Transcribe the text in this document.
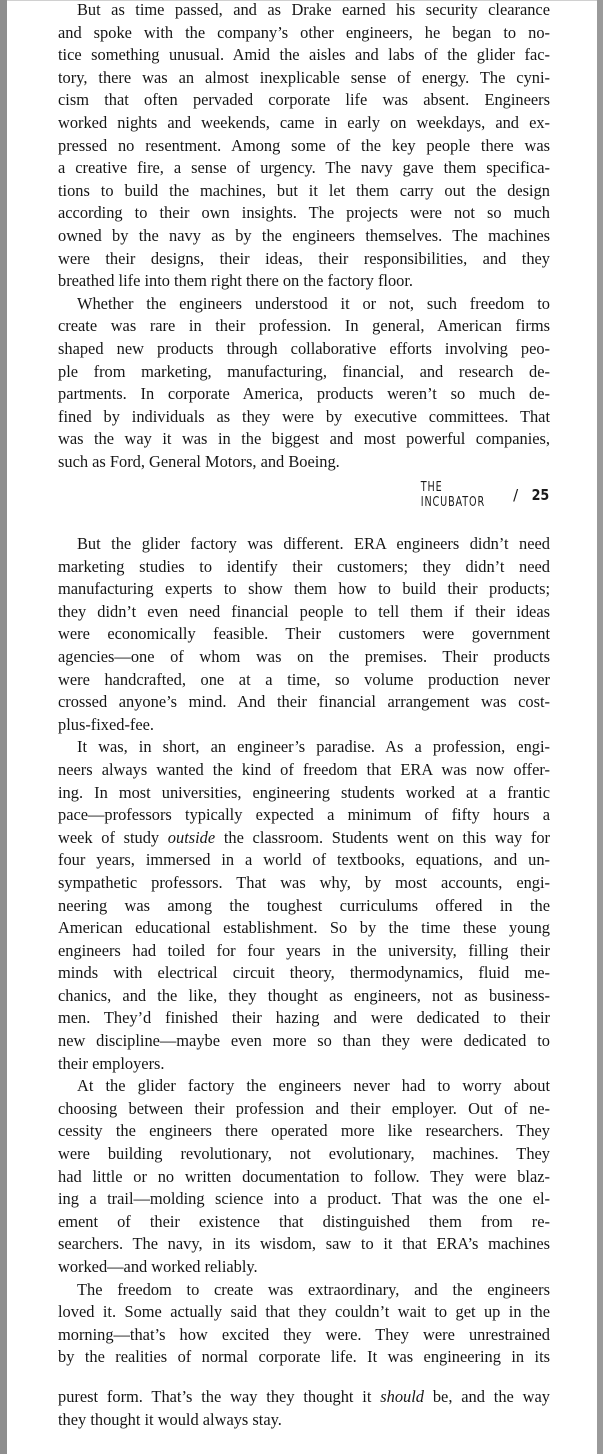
But as time passed, and as Drake earned his security clearance
and spoke with the company’s other engineers, he began to no-
tice something unusual. Amid the aisles and labs of the glider fac-
tory, there was an almost inexplicable sense of energy. The cyni-
cism that often pervaded corporate life was absent. Engineers
worked nights and weekends, came in early on weekdays, and ex-
pressed no resentment. Among some of the key people there was
a creative fire, a sense of urgency. The navy gave them specifica-
tions to build the machines, but it let them carry out the design
according to their own insights. The projects were not so much
owned by the navy as by the engineers themselves. The machines
were their designs, their ideas, their responsibilities, and they
breathed life into them right there on the factory floor.
Whether the engineers understood it or not, such freedom to
create was rare in their profession. In general, American firms
shaped new products through collaborative efforts involving peo-
ple from marketing, manufacturing, financial, and research de-
partments. In corporate America, products weren’t so much de-
fined by individuals as they were by executive committees. That
was the way it was in the biggest and most powerful companies,
such as Ford, General Motors, and Boeing.
THE INCUBATOR	/ 25
But the glider factory was different. ERA engineers didn’t need
marketing studies to identify their customers; they didn’t need
manufacturing experts to show them how to build their products;
they didn’t even need financial people to tell them if their ideas
were economically feasible. Their customers were government
agencies—one of whom was on the premises. Their products
were handcrafted, one at a time, so volume production never
crossed anyone’s mind. And their financial arrangement was cost-
plus-fixed-fee.
It was, in short, an engineer’s paradise. As a profession, engi-
neers always wanted the kind of freedom that ERA was now offer-
ing. In most universities, engineering students worked at a frantic
pace—professors typically expected a minimum of fifty hours a
week of study outside the classroom. Students went on this way for
four years, immersed in a world of textbooks, equations, and un-
sympathetic professors. That was why, by most accounts, engi-
neering was among the toughest curriculums offered in the
American educational establishment. So by the time these young
engineers had toiled for four years in the university, filling their
minds with electrical circuit theory, thermodynamics, fluid me-
chanics, and the like, they thought as engineers, not as business-
men. They’d finished their hazing and were dedicated to their
new discipline—maybe even more so than they were dedicated to
their employers.
At the glider factory the engineers never had to worry about
choosing between their profession and their employer. Out of ne-
cessity the engineers there operated more like researchers. They
were building revolutionary, not evolutionary, machines. They
had little or no written documentation to follow. They were blaz-
ing a trail—molding science into a product. That was the one el-
ement of their existence that distinguished them from re-
searchers. The navy, in its wisdom, saw to it that ERA’s machines
worked—and worked reliably.
The freedom to create was extraordinary, and the engineers
loved it. Some actually said that they couldn’t wait to get up in the
morning—that’s how excited they were. They were unrestrained
by the realities of normal corporate life. It was engineering in its
purest form. That’s the way they thought it should be, and the way
they thought it would always stay.
